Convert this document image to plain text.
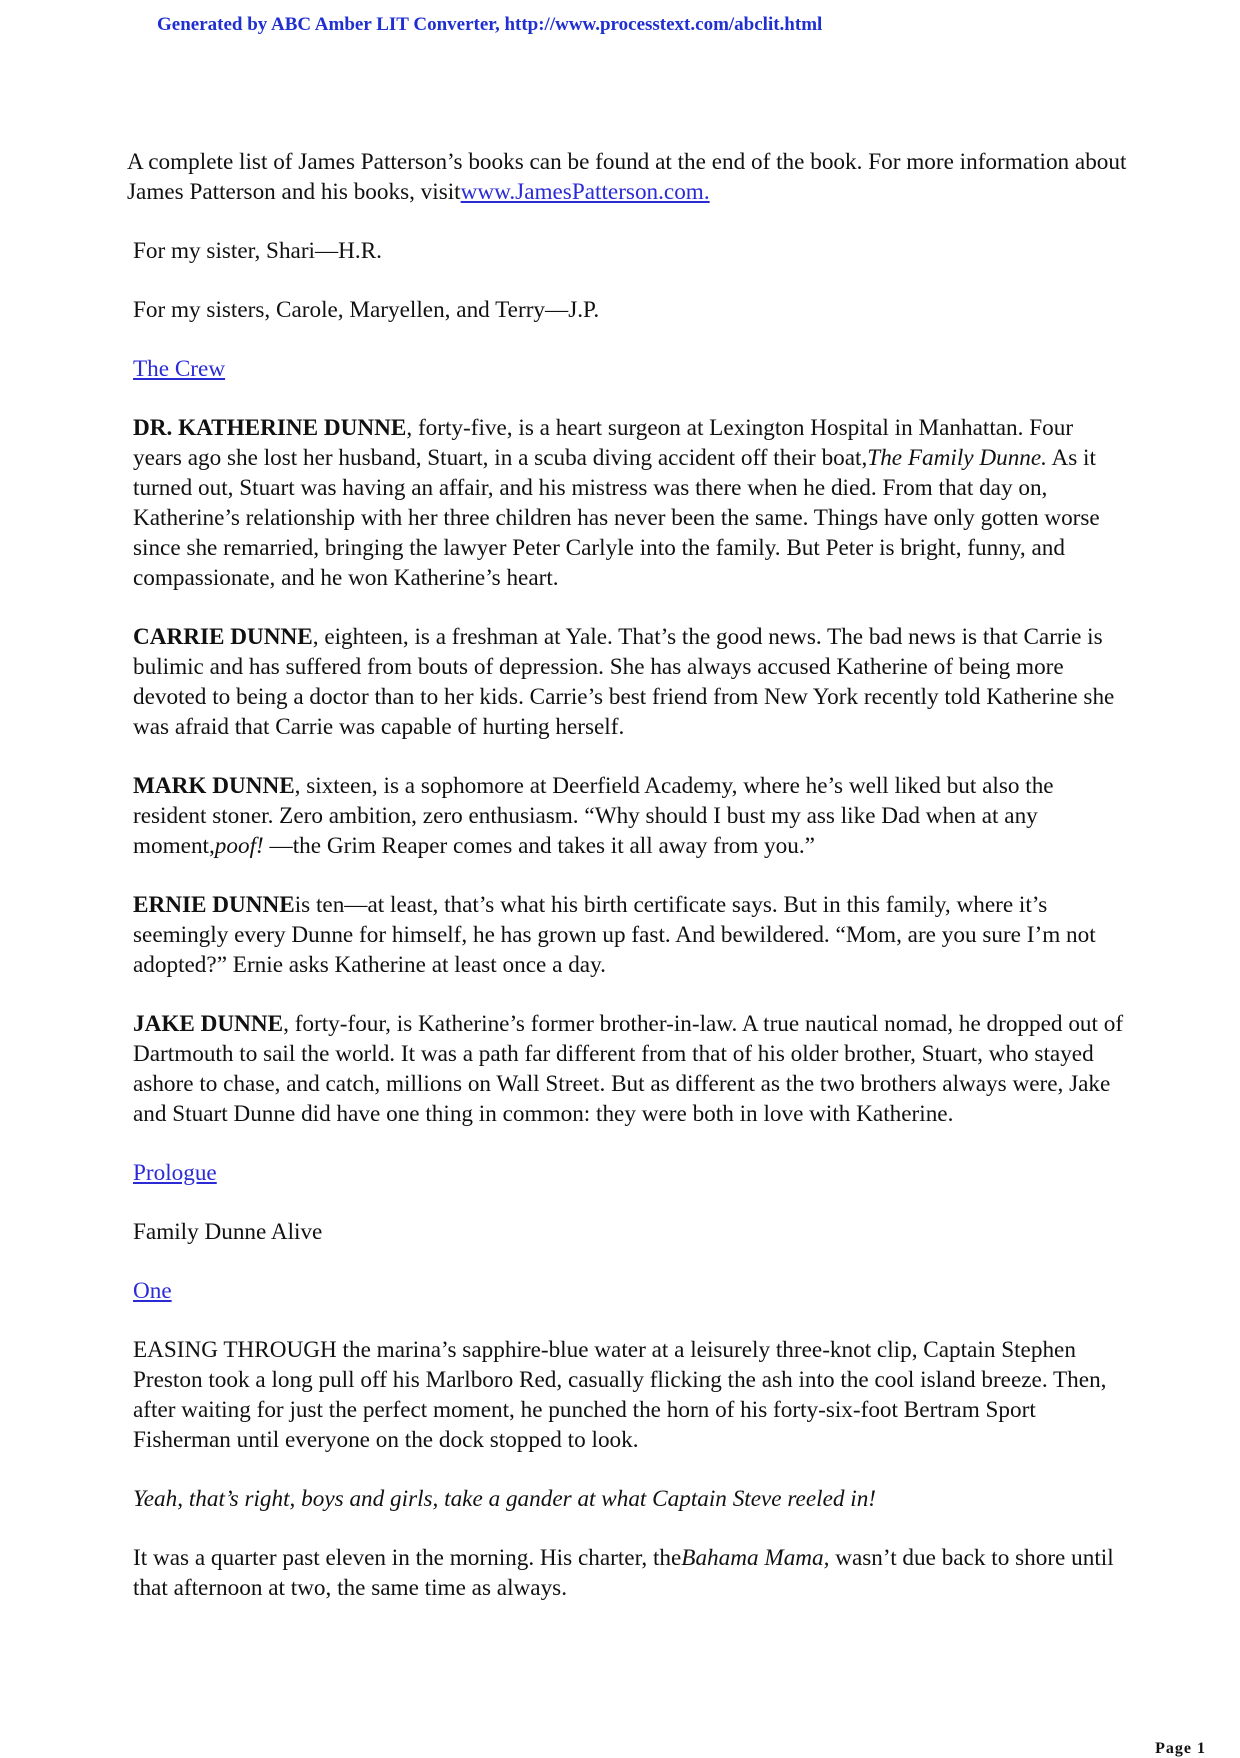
Generated by ABC Amber LIT Converter, http://www.processtext.com/abclit.html

A complete list of James Patterson’s books can be found at the end of the book. For more information about James Patterson and his books, visitwww.JamesPatterson.com.

For my sister, Shari—H.R.

For my sisters, Carole, Maryellen, and Terry—J.P.

The Crew

DR. KATHERINE DUNNE, forty-five, is a heart surgeon at Lexington Hospital in Manhattan. Four years ago she lost her husband, Stuart, in a scuba diving accident off their boat,The Family Dunne. As it turned out, Stuart was having an affair, and his mistress was there when he died. From that day on, Katherine’s relationship with her three children has never been the same. Things have only gotten worse since she remarried, bringing the lawyer Peter Carlyle into the family. But Peter is bright, funny, and compassionate, and he won Katherine’s heart.

CARRIE DUNNE, eighteen, is a freshman at Yale. That’s the good news. The bad news is that Carrie is bulimic and has suffered from bouts of depression. She has always accused Katherine of being more devoted to being a doctor than to her kids. Carrie’s best friend from New York recently told Katherine she was afraid that Carrie was capable of hurting herself.

MARK DUNNE, sixteen, is a sophomore at Deerfield Academy, where he’s well liked but also the resident stoner. Zero ambition, zero enthusiasm. “Why should I bust my ass like Dad when at any moment,poof! —the Grim Reaper comes and takes it all away from you.”

ERNIE DUNNEis ten—at least, that’s what his birth certificate says. But in this family, where it’s seemingly every Dunne for himself, he has grown up fast. And bewildered. “Mom, are you sure I’m not adopted?” Ernie asks Katherine at least once a day.

JAKE DUNNE, forty-four, is Katherine’s former brother-in-law. A true nautical nomad, he dropped out of Dartmouth to sail the world. It was a path far different from that of his older brother, Stuart, who stayed ashore to chase, and catch, millions on Wall Street. But as different as the two brothers always were, Jake and Stuart Dunne did have one thing in common: they were both in love with Katherine.

Prologue

Family Dunne Alive

One

EASING THROUGH the marina’s sapphire-blue water at a leisurely three-knot clip, Captain Stephen Preston took a long pull off his Marlboro Red, casually flicking the ash into the cool island breeze. Then, after waiting for just the perfect moment, he punched the horn of his forty-six-foot Bertram Sport Fisherman until everyone on the dock stopped to look.

Yeah, that’s right, boys and girls, take a gander at what Captain Steve reeled in!

It was a quarter past eleven in the morning. His charter, theBahama Mama, wasn’t due back to shore until that afternoon at two, the same time as always.

Page 1
